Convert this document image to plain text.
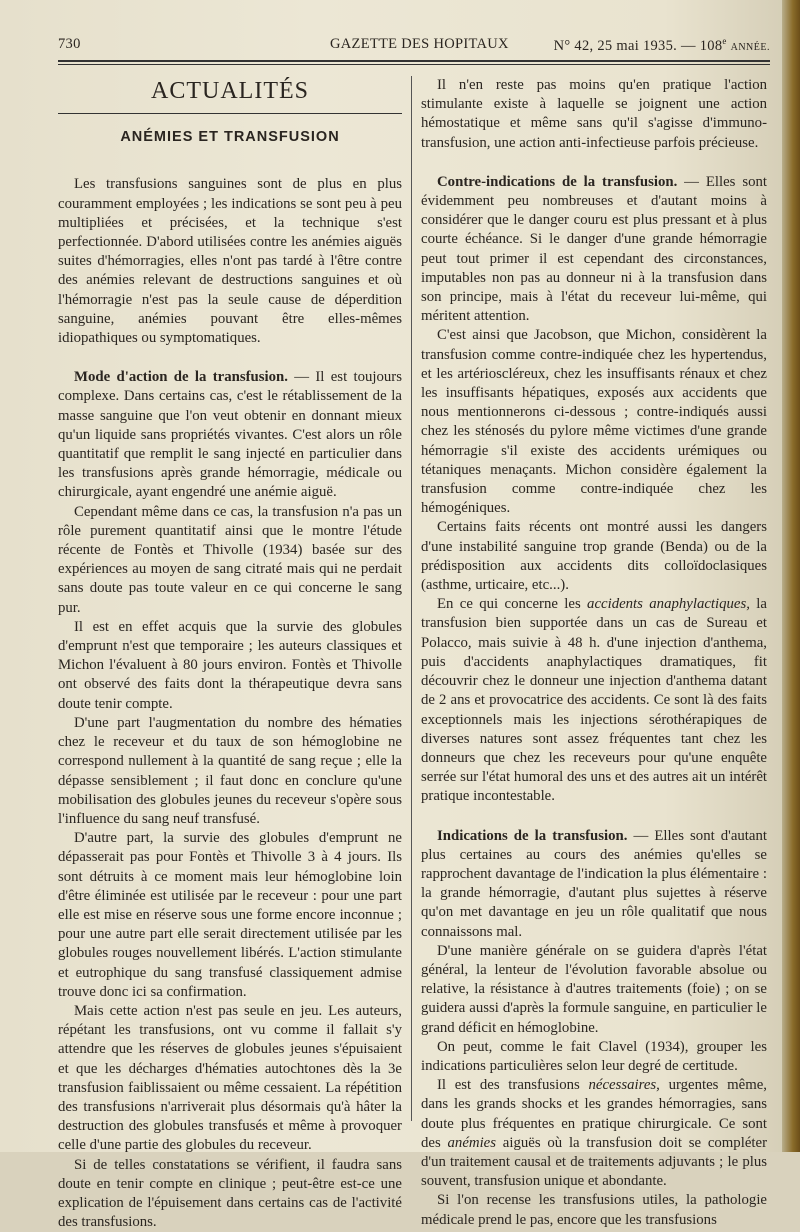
730	GAZETTE DES HOPITAUX	N° 42, 25 mai 1935. — 108e ANNÉE.
ACTUALITÉS
ANÉMIES ET TRANSFUSION

Les transfusions sanguines sont de plus en plus couramment employées ; les indications se sont peu à peu multipliées et précisées, et la technique s'est perfectionnée. D'abord utilisées contre les anémies aiguës suites d'hémorragies, elles n'ont pas tardé à l'être contre des anémies relevant de destructions sanguines et où l'hémorragie n'est pas la seule cause de déperdition sanguine, anémies pouvant être elles-mêmes idiopathiques ou symptomatiques.

Mode d'action de la transfusion. — Il est toujours complexe. Dans certains cas, c'est le rétablissement de la masse sanguine que l'on veut obtenir en donnant mieux qu'un liquide sans propriétés vivantes. C'est alors un rôle quantitatif que remplit le sang injecté en particulier dans les transfusions après grande hémorragie, médicale ou chirurgicale, ayant engendré une anémie aiguë.

Cependant même dans ce cas, la transfusion n'a pas un rôle purement quantitatif ainsi que le montre l'étude récente de Fontès et Thivolle (1934) basée sur des expériences au moyen de sang citraté mais qui ne perdait sans doute pas toute valeur en ce qui concerne le sang pur.

Il est en effet acquis que la survie des globules d'emprunt n'est que temporaire ; les auteurs classiques et Michon l'évaluent à 80 jours environ. Fontès et Thivolle ont observé des faits dont la thérapeutique devra sans doute tenir compte.

D'une part l'augmentation du nombre des hématies chez le receveur et du taux de son hémoglobine ne correspond nullement à la quantité de sang reçue ; elle la dépasse sensiblement ; il faut donc en conclure qu'une mobilisation des globules jeunes du receveur s'opère sous l'influence du sang neuf transfusé.

D'autre part, la survie des globules d'emprunt ne dépasserait pas pour Fontès et Thivolle 3 à 4 jours. Ils sont détruits à ce moment mais leur hémoglobine loin d'être éliminée est utilisée par le receveur : pour une part elle est mise en réserve sous une forme encore inconnue ; pour une autre part elle serait directement utilisée par les globules rouges nouvellement libérés. L'action stimulante et eutrophique du sang transfusé classiquement admise trouve donc ici sa confirmation.

Mais cette action n'est pas seule en jeu. Les auteurs, répétant les transfusions, ont vu comme il fallait s'y attendre que les réserves de globules jeunes s'épuisaient et que les décharges d'hématies autochtones dès la 3e transfusion faiblissaient ou même cessaient. La répétition des transfusions n'arriverait plus désormais qu'à hâter la destruction des globules transfusés et même à provoquer celle d'une partie des globules du receveur.

Si de telles constatations se vérifient, il faudra sans doute en tenir compte en clinique ; peut-être est-ce une explication de l'épuisement dans certains cas de l'activité des transfusions.

Il n'en reste pas moins qu'en pratique l'action stimulante existe à laquelle se joignent une action hémostatique et même sans qu'il s'agisse d'immuno-transfusion, une action anti-infectieuse parfois précieuse.

Contre-indications de la transfusion. — Elles sont évidemment peu nombreuses et d'autant moins à considérer que le danger couru est plus pressant et à plus courte échéance. Si le danger d'une grande hémorragie peut tout primer il est cependant des circonstances, imputables non pas au donneur ni à la transfusion dans son principe, mais à l'état du receveur lui-même, qui méritent attention.

C'est ainsi que Jacobson, que Michon, considèrent la transfusion comme contre-indiquée chez les hypertendus, et les artérioscléreux, chez les insuffisants rénaux et chez les insuffisants hépatiques, exposés aux accidents que nous mentionnerons ci-dessous ; contre-indiqués aussi chez les sténosés du pylore même victimes d'une grande hémorragie s'il existe des accidents urémiques ou tétaniques menaçants. Michon considère également la transfusion comme contre-indiquée chez les hémogéniques.

Certains faits récents ont montré aussi les dangers d'une instabilité sanguine trop grande (Benda) ou de la prédisposition aux accidents dits colloïdoclasiques (asthme, urticaire, etc...).

En ce qui concerne les accidents anaphylactiques, la transfusion bien supportée dans un cas de Sureau et Polacco, mais suivie à 48 h. d'une injection d'anthema, puis d'accidents anaphylactiques dramatiques, fit découvrir chez le donneur une injection d'anthema datant de 2 ans et provocatrice des accidents. Ce sont là des faits exceptionnels mais les injections sérothérapiques de diverses natures sont assez fréquentes tant chez les donneurs que chez les receveurs pour qu'une enquête serrée sur l'état humoral des uns et des autres ait un intérêt pratique incontestable.

Indications de la transfusion. — Elles sont d'autant plus certaines au cours des anémies qu'elles se rapprochent davantage de l'indication la plus élémentaire : la grande hémorragie, d'autant plus sujettes à réserve qu'on met davantage en jeu un rôle qualitatif que nous connaissons mal.

D'une manière générale on se guidera d'après l'état général, la lenteur de l'évolution favorable absolue ou relative, la résistance à d'autres traitements (foie) ; on se guidera aussi d'après la formule sanguine, en particulier le grand déficit en hémoglobine.

On peut, comme le fait Clavel (1934), grouper les indications particulières selon leur degré de certitude.

Il est des transfusions nécessaires, urgentes même, dans les grands shocks et les grandes hémorragies, sans doute plus fréquentes en pratique chirurgicale. Ce sont des anémies aiguës où la transfusion doit se compléter d'un traitement causal et de traitements adjuvants ; le plus souvent, transfusion unique et abondante.

Si l'on recense les transfusions utiles, la pathologie médicale prend le pas, encore que les transfusions
